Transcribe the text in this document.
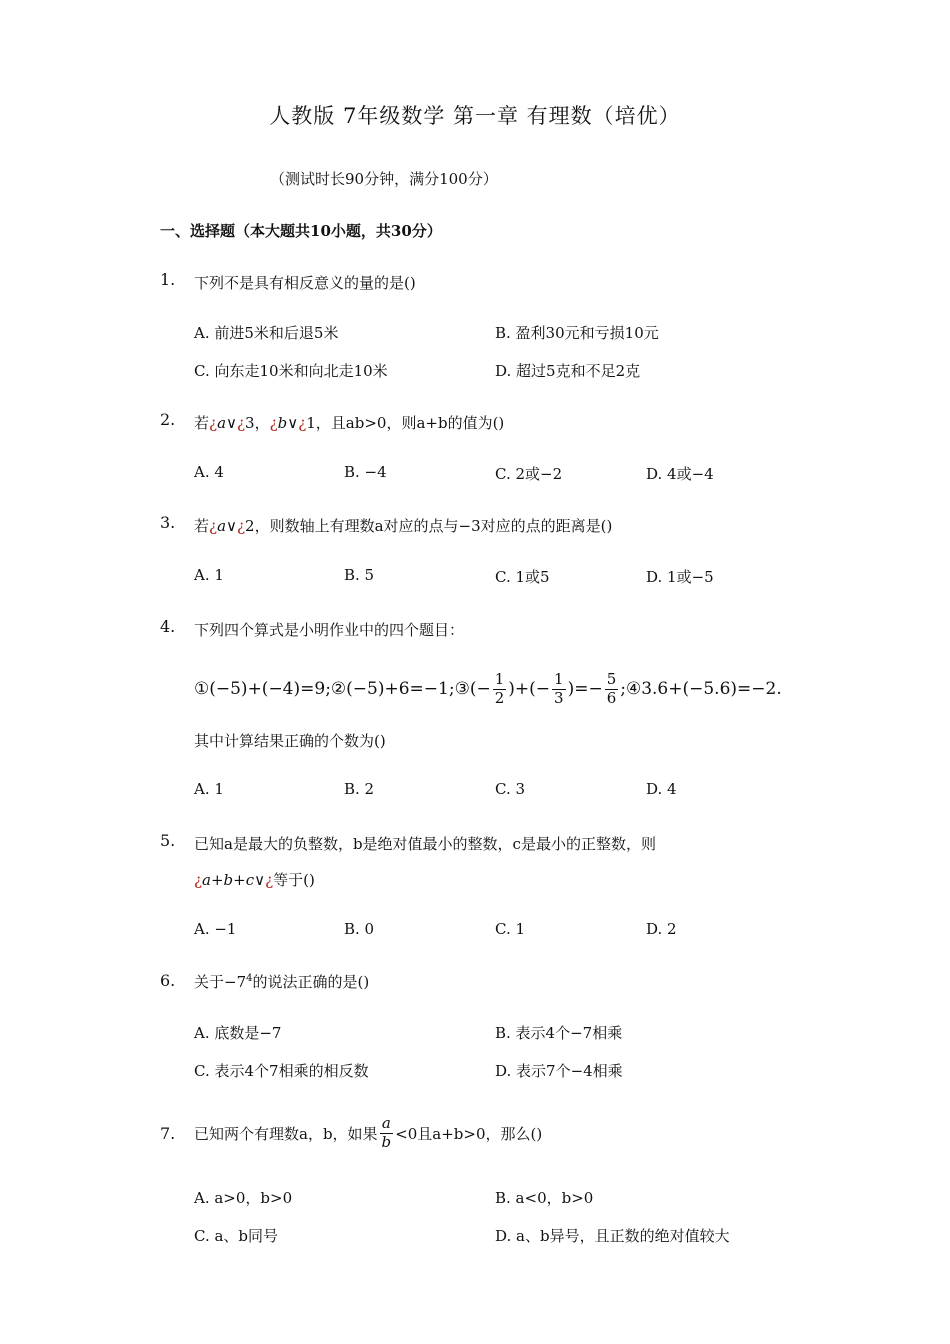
人教版 7年级数学 第一章 有理数（培优）
（测试时长90分钟，满分100分）
一、选择题（本大题共10小题，共30分）
1. 下列不是具有相反意义的量的是()
A. 前进5米和后退5米	B. 盈利30元和亏损10元
C. 向东走10米和向北走10米	D. 超过5克和不足2克
2. 若¿a∨¿3，¿b∨¿1，且ab>0，则a+b的值为()
A. 4	B. −4	C. 2或−2	D. 4或−4
3. 若¿a∨¿2，则数轴上有理数a对应的点与−3对应的点的距离是()
A. 1	B. 5	C. 1或5	D. 1或−5
4. 下列四个算式是小明作业中的四个题目：
①(−5)+(−4)=9;②(−5)+6=−1;③(− $\frac{1}{2}$ )+(− $\frac{1}{3}$ )=− $\frac{5}{6}$ ;④3.6+(−5.6)=−2.
其中计算结果正确的个数为()
A. 1	B. 2	C. 3	D. 4
5. 已知a是最大的负整数，b是绝对值最小的整数，c是最小的正整数，则
¿a+b+c∨¿等于()
A. −1	B. 0	C. 1	D. 2
6. 关于$-7^4$的说法正确的是()
A. 底数是−7	B. 表示4个−7相乘
C. 表示4个7相乘的相反数	D. 表示7个−4相乘
7. 已知两个有理数a，b，如果 $\frac{a}{b} <0$且a+b>0，那么()
A. a>0，b>0	B. a<0，b>0
C. a、b同号	D. a、b异号，且正数的绝对值较大
